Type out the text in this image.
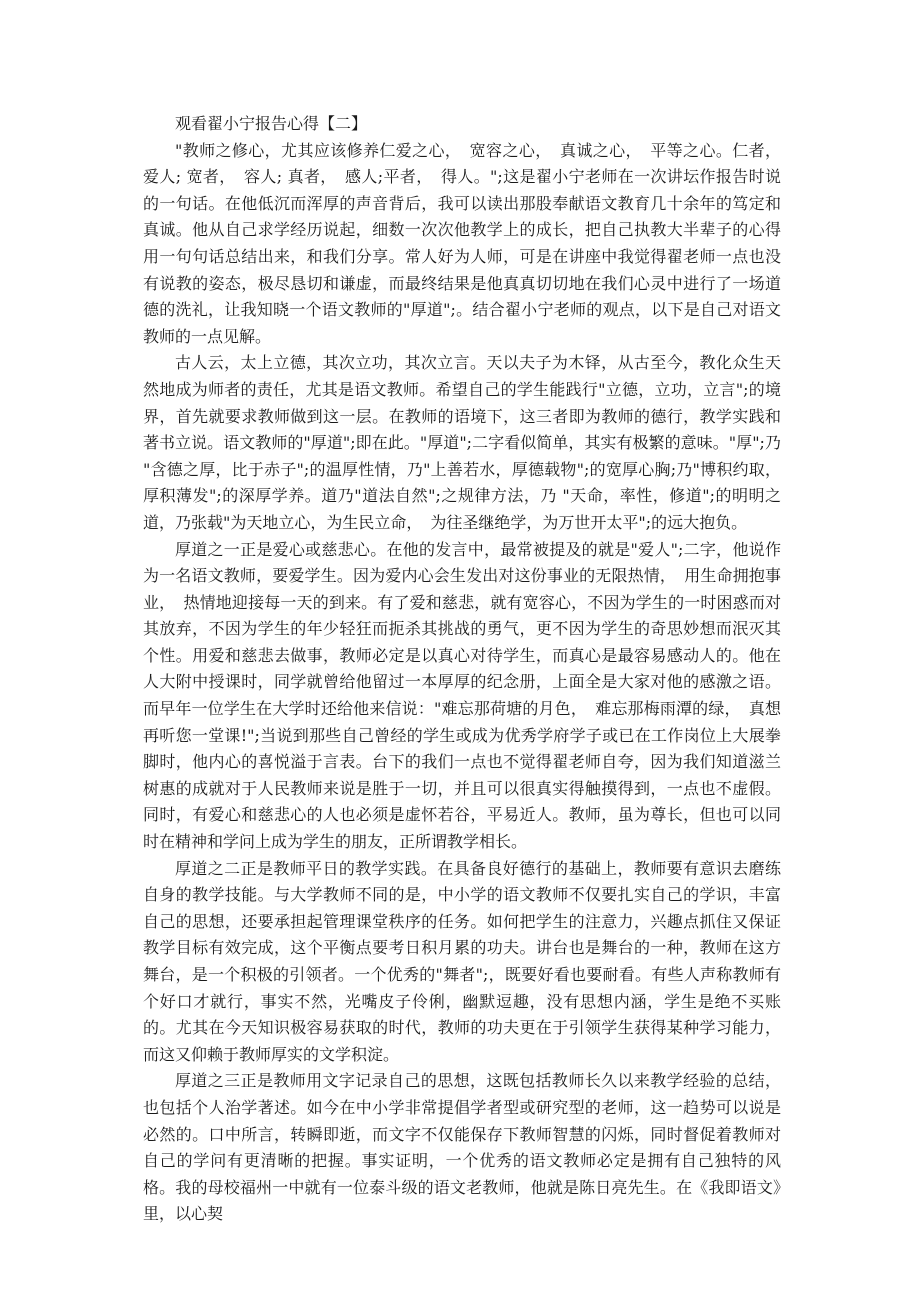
观看翟小宁报告心得【二】

"教师之修心，尤其应该修养仁爱之心，　宽容之心，　真诚之心，　平等之心。仁者，爱人; 宽者，　容人; 真者，　感人;平者，　得人。";这是翟小宁老师在一次讲坛作报告时说的一句话。在他低沉而浑厚的声音背后，我可以读出那股奉献语文教育几十余年的笃定和真诚。他从自己求学经历说起，细数一次次他教学上的成长，把自己执教大半辈子的心得用一句句话总结出来，和我们分享。常人好为人师，可是在讲座中我觉得翟老师一点也没有说教的姿态，极尽恳切和谦虚，而最终结果是他真真切切地在我们心灵中进行了一场道德的洗礼，让我知晓一个语文教师的"厚道";。结合翟小宁老师的观点，以下是自己对语文教师的一点见解。

古人云，太上立德，其次立功，其次立言。天以夫子为木铎，从古至今，教化众生天然地成为师者的责任，尤其是语文教师。希望自己的学生能践行"立德，立功，立言";的境界，首先就要求教师做到这一层。在教师的语境下，这三者即为教师的德行，教学实践和著书立说。语文教师的"厚道";即在此。"厚道";二字看似简单，其实有极繁的意味。"厚";乃 "含德之厚，比于赤子";的温厚性情，乃"上善若水，厚德载物";的宽厚心胸;乃"博积约取，厚积薄发";的深厚学养。道乃"道法自然";之规律方法，乃 "天命，率性，修道";的明明之道，乃张载"为天地立心，为生民立命，　为往圣继绝学，为万世开太平";的远大抱负。

厚道之一正是爱心或慈悲心。在他的发言中，最常被提及的就是"爱人";二字，他说作为一名语文教师，要爱学生。因为爱内心会生发出对这份事业的无限热情，　用生命拥抱事业，　热情地迎接每一天的到来。有了爱和慈悲，就有宽容心，不因为学生的一时困惑而对其放弃，不因为学生的年少轻狂而扼杀其挑战的勇气，更不因为学生的奇思妙想而泯灭其个性。用爱和慈悲去做事，教师必定是以真心对待学生，而真心是最容易感动人的。他在人大附中授课时，同学就曾给他留过一本厚厚的纪念册，上面全是大家对他的感激之语。而早年一位学生在大学时还给他来信说："难忘那荷塘的月色，　难忘那梅雨潭的绿，　真想再听您一堂课!";当说到那些自己曾经的学生或成为优秀学府学子或已在工作岗位上大展拳脚时，他内心的喜悦溢于言表。台下的我们一点也不觉得翟老师自夸，因为我们知道滋兰树惠的成就对于人民教师来说是胜于一切，并且可以很真实得触摸得到，一点也不虚假。同时，有爱心和慈悲心的人也必须是虚怀若谷，平易近人。教师，虽为尊长，但也可以同时在精神和学问上成为学生的朋友，正所谓教学相长。

厚道之二正是教师平日的教学实践。在具备良好德行的基础上，教师要有意识去磨练自身的教学技能。与大学教师不同的是，中小学的语文教师不仅要扎实自己的学识，丰富自己的思想，还要承担起管理课堂秩序的任务。如何把学生的注意力，兴趣点抓住又保证教学目标有效完成，这个平衡点要考日积月累的功夫。讲台也是舞台的一种，教师在这方舞台，是一个积极的引领者。一个优秀的"舞者";，既要好看也要耐看。有些人声称教师有个好口才就行，事实不然，光嘴皮子伶俐，幽默逗趣，没有思想内涵，学生是绝不买账的。尤其在今天知识极容易获取的时代，教师的功夫更在于引领学生获得某种学习能力，而这又仰赖于教师厚实的文学积淀。

厚道之三正是教师用文字记录自己的思想，这既包括教师长久以来教学经验的总结，也包括个人治学著述。如今在中小学非常提倡学者型或研究型的老师，这一趋势可以说是必然的。口中所言，转瞬即逝，而文字不仅能保存下教师智慧的闪烁，同时督促着教师对自己的学问有更清晰的把握。事实证明，一个优秀的语文教师必定是拥有自己独特的风格。我的母校福州一中就有一位泰斗级的语文老教师，他就是陈日亮先生。在《我即语文》里，以心契
